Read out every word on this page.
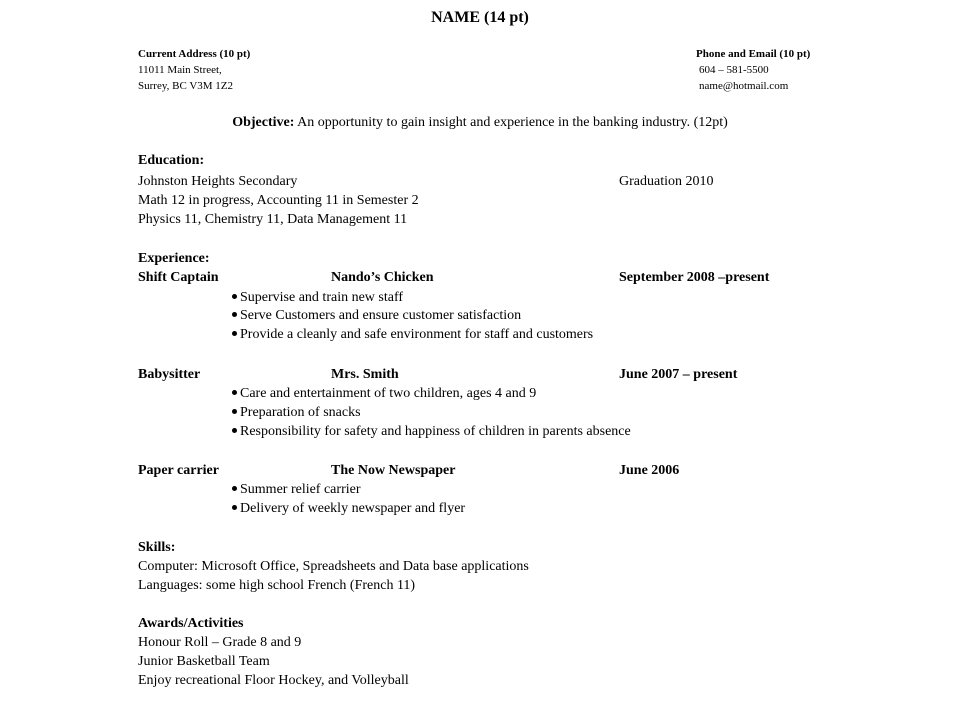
NAME (14 pt)
Current Address (10 pt)
11011 Main Street,
Surrey, BC V3M 1Z2
Phone and Email (10 pt)
604 – 581-5500
name@hotmail.com
Objective: An opportunity to gain insight and experience in the banking industry. (12pt)
Education:
Johnston Heights Secondary	Graduation 2010
Math 12 in progress, Accounting 11 in Semester 2
Physics 11, Chemistry 11, Data Management 11
Experience:
Shift Captain	Nando’s Chicken	September 2008 –present
Supervise and train new staff
Serve Customers and ensure customer satisfaction
Provide a cleanly and safe environment for staff and customers
Babysitter	Mrs. Smith	June 2007 – present
Care and entertainment of two children, ages 4 and 9
Preparation of snacks
Responsibility for safety and happiness of children in parents absence
Paper carrier	The Now Newspaper	June 2006
Summer relief carrier
Delivery of weekly newspaper and flyer
Skills:
Computer: Microsoft Office, Spreadsheets and Data base applications
Languages: some high school French (French 11)
Awards/Activities
Honour Roll – Grade 8 and 9
Junior Basketball Team
Enjoy recreational Floor Hockey, and Volleyball
